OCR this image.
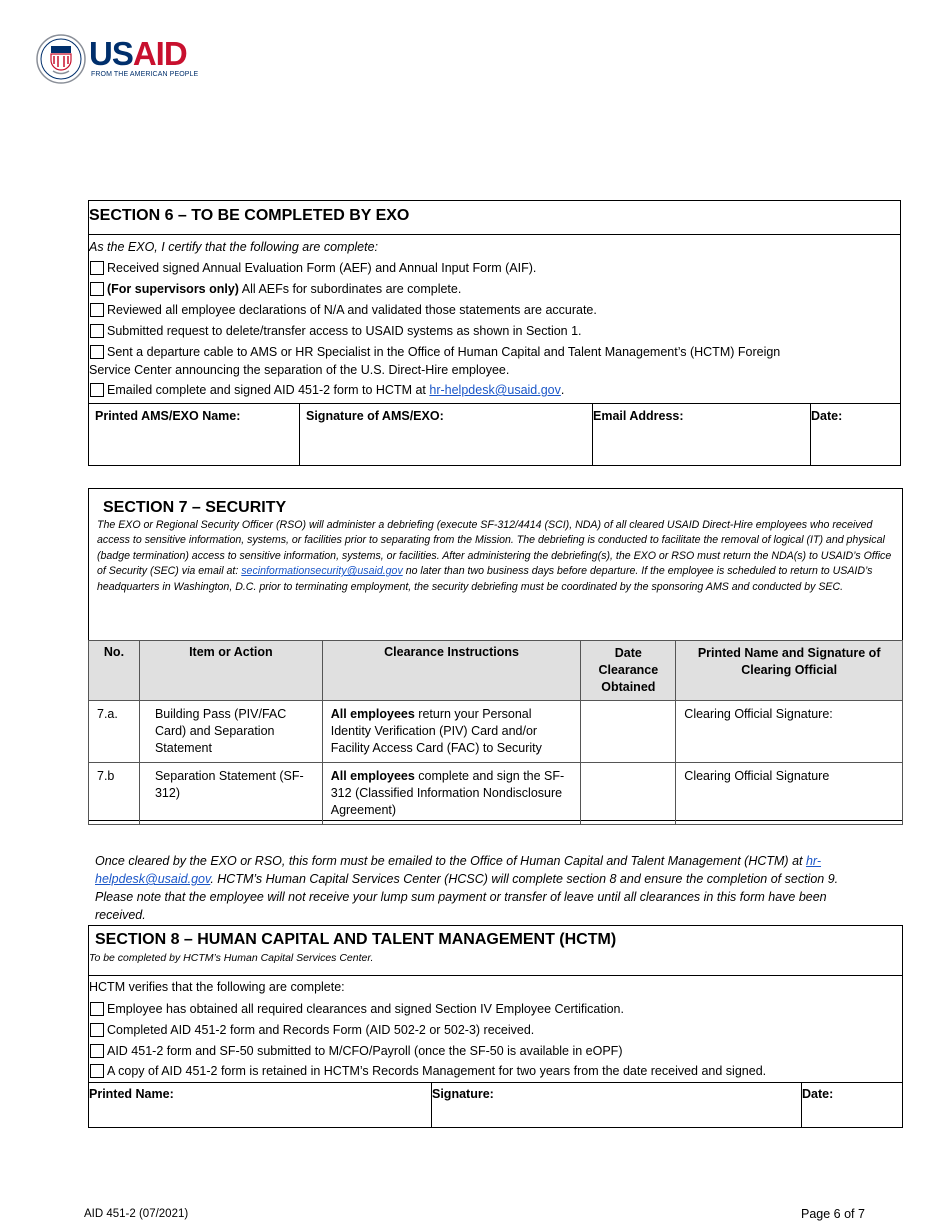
USAID
FROM THE AMERICAN PEOPLE
SECTION 6 – TO BE COMPLETED BY EXO
As the EXO, I certify that the following are complete:
Received signed Annual Evaluation Form (AEF) and Annual Input Form (AIF).
(For supervisors only) All AEFs for subordinates are complete.
Reviewed all employee declarations of N/A and validated those statements are accurate.
Submitted request to delete/transfer access to USAID systems as shown in Section 1.
Sent a departure cable to AMS or HR Specialist in the Office of Human Capital and Talent Management’s (HCTM) Foreign
Service Center announcing the separation of the U.S. Direct-Hire employee.
Emailed complete and signed AID 451-2 form to HCTM at hr-helpdesk@usaid.gov .
Printed AMS/EXO Name:	Signature of AMS/EXO:	Email Address:	Date:
SECTION 7 – SECURITY
The EXO or Regional Security Officer (RSO) will administer a debriefing (execute SF-312/4414 (SCI), NDA) of all cleared USAID Direct-Hire employees who received access to sensitive information, systems, or facilities prior to separating from the Mission. The debriefing is conducted to facilitate the removal of logical (IT) and physical (badge termination) access to sensitive information, systems, or facilities. After administering the debriefing(s), the EXO or RSO must return the NDA(s) to USAID’s Office of Security (SEC) via email at: secinformationsecurity@usaid.gov no later than two business days before departure. If the employee is scheduled to return to USAID’s headquarters in Washington, D.C. prior to terminating employment, the security debriefing must be coordinated by the sponsoring AMS and conducted by SEC.
No.	Item or Action	Clearance Instructions	Date Clearance Obtained	Printed Name and Signature of Clearing Official
7.a.	Building Pass (PIV/FAC Card) and Separation Statement	All employees return your Personal Identity Verification (PIV) Card and/or Facility Access Card (FAC) to Security		Clearing Official Signature:
7.b	Separation Statement (SF-312)	All employees complete and sign the SF-312 (Classified Information Nondisclosure Agreement)		Clearing Official Signature
Once cleared by the EXO or RSO, this form must be emailed to the Office of Human Capital and Talent Management (HCTM) at hr-
helpdesk@usaid.gov. HCTM’s Human Capital Services Center (HCSC) will complete section 8 and ensure the completion of section 9. Please note that the employee will not receive your lump sum payment or transfer of leave until all clearances in this form have been received.
SECTION 8 – HUMAN CAPITAL AND TALENT MANAGEMENT (HCTM)
To be completed by HCTM’s Human Capital Services Center.
HCTM verifies that the following are complete:
Employee has obtained all required clearances and signed Section IV Employee Certification.
Completed AID 451-2 form and Records Form (AID 502-2 or 502-3) received.
AID 451-2 form and SF-50 submitted to M/CFO/Payroll (once the SF-50 is available in eOPF)
A copy of AID 451-2 form is retained in HCTM’s Records Management for two years from the date received and signed.
Printed Name:	Signature:	Date:
AID 451-2 (07/2021)	Page 6 of 7
